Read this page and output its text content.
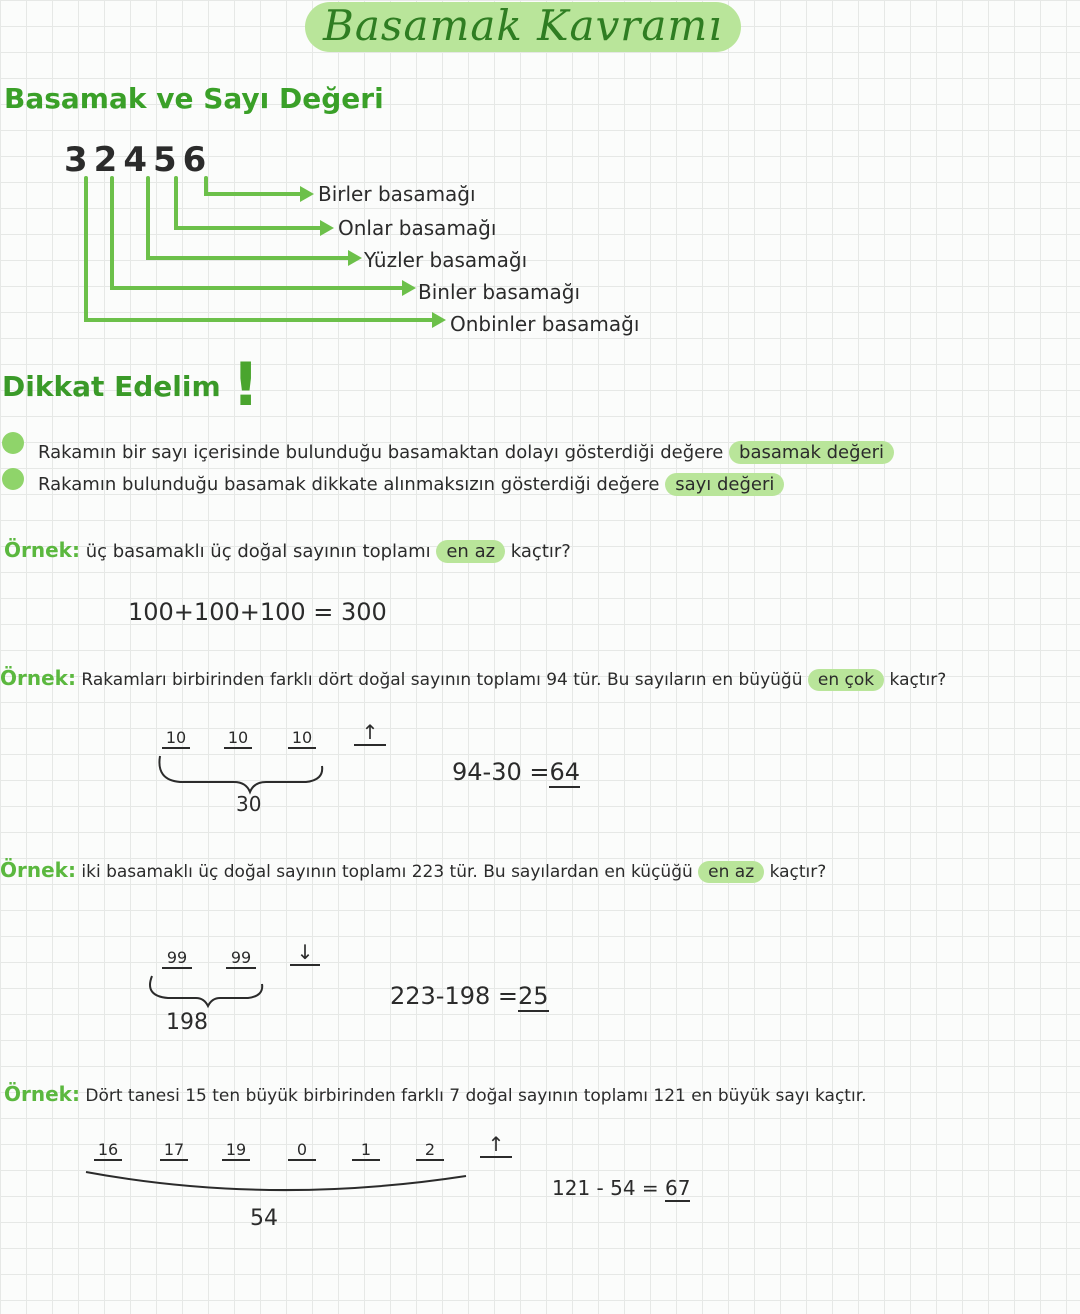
Basamak Kavramı
Basamak ve Sayı Değeri
32456
Birler basamağı
Onlar basamağı
Yüzler basamağı
Binler basamağı
Onbinler basamağı
Dikkat Edelim !
Rakamın bir sayı içerisinde bulunduğu basamaktan dolayı gösterdiği değere basamak değeri
Rakamın bulunduğu basamak dikkate alınmaksızın gösterdiği değere sayı değeri
Örnek: üç basamaklı üç doğal sayının toplamı en az kaçtır?
100+100+100 = 300
Örnek: Rakamları birbirinden farklı dört doğal sayının toplamı 94 tür. Bu sayıların en büyüğü en çok kaçtır?
10	10	10	↑
30
94-30 =64
Örnek: iki basamaklı üç doğal sayının toplamı 223 tür. Bu sayılardan en küçüğü en az kaçtır?
99	99	↓
198
223-198 =25
Örnek: Dört tanesi 15 ten büyük birbirinden farklı 7 doğal sayının toplamı 121 en büyük sayı kaçtır.
16	17	19	0	1	2	↑
54
121 - 54 = 67
